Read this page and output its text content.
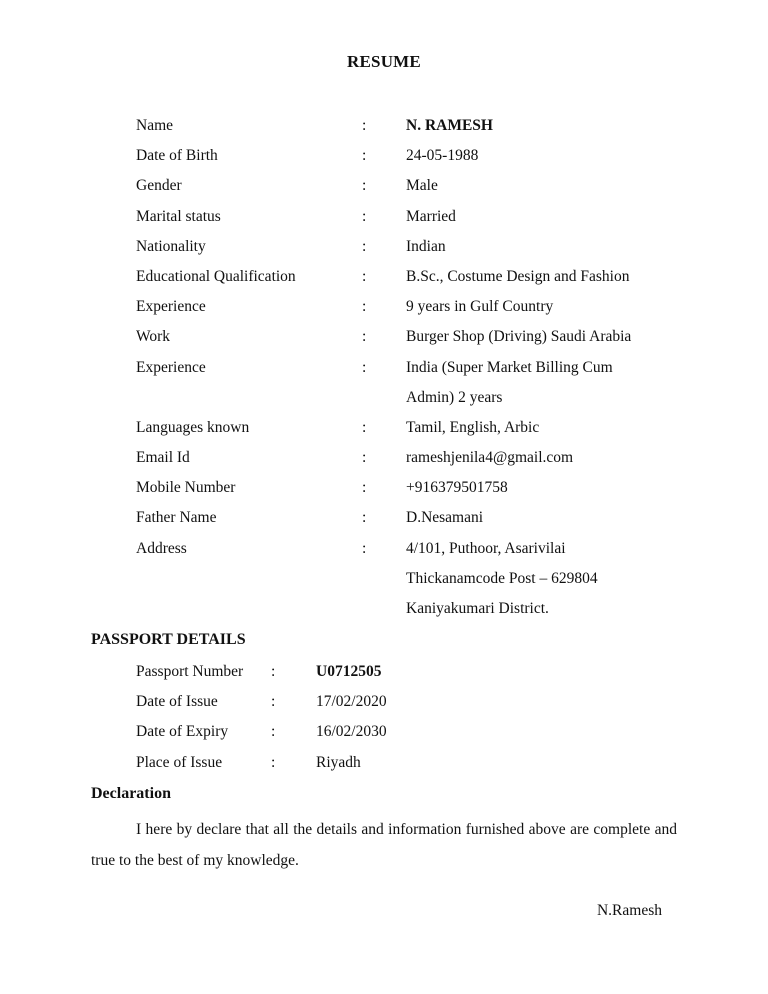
RESUME
Name	:	N. RAMESH
Date of Birth	:	24-05-1988
Gender	:	Male
Marital status	:	Married
Nationality	:	Indian
Educational Qualification	:	B.Sc., Costume Design and Fashion
Experience	:	9 years in Gulf Country
Work	:	Burger Shop (Driving) Saudi Arabia
Experience	:	India (Super Market Billing Cum
Admin) 2 years
Languages known	:	Tamil, English, Arbic
Email Id	:	rameshjenila4@gmail.com
Mobile Number	:	+916379501758
Father Name	:	D.Nesamani
Address	:	4/101, Puthoor, Asarivilai
Thickanamcode Post – 629804
Kaniyakumari District.
PASSPORT DETAILS
Passport Number :	U0712505
Date of Issue	:	17/02/2020
Date of Expiry	:	16/02/2030
Place of Issue	:	Riyadh
Declaration
I here by declare that all the details and information furnished above are complete and true to the best of my knowledge.
N.Ramesh
